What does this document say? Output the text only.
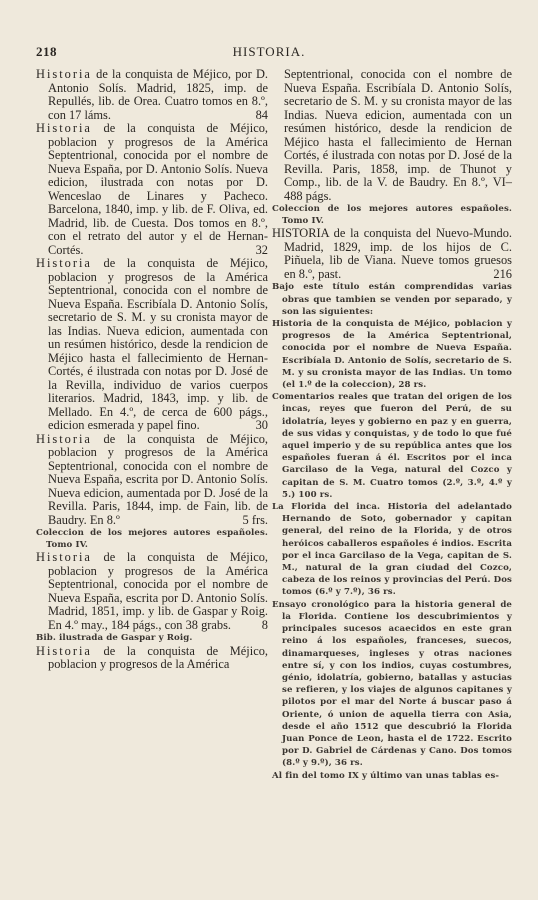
218	HISTORIA.

Historia de la conquista de Méjico, por D. Antonio Solís. Madrid, 1825, imp. de Repullés, lib. de Orea. Cuatro tomos en 8.º, con 17 láms.	84

Historia de la conquista de Méjico, poblacion y progresos de la América Septentrional, conocida por el nombre de Nueva España, por D. Antonio Solís. Nueva edicion, ilustrada con notas por D. Wenceslao de Linares y Pacheco. Barcelona, 1840, imp. y lib. de F. Oliva, ed. Madrid, lib. de Cuesta. Dos tomos en 8.º, con el retrato del autor y el de Hernan-Cortés.	32

Historia de la conquista de Méjico, poblacion y progresos de la América Septentrional, conocida con el nombre de Nueva España. Escribíala D. Antonio Solís, secretario de S. M. y su cronista mayor de las Indias. Nueva edicion, aumentada con un resúmen histórico, desde la rendicion de Méjico hasta el fallecimiento de Hernan-Cortés, é ilustrada con notas por D. José de la Revilla, individuo de varios cuerpos literarios. Madrid, 1843, imp. y lib. de Mellado. En 4.º, de cerca de 600 págs., edicion esmerada y papel fino.	30

Historia de la conquista de Méjico, poblacion y progresos de la América Septentrional, conocida con el nombre de Nueva España, escrita por D. Antonio Solís. Nueva edicion, aumentada por D. José de la Revilla. Paris, 1844, imp. de Fain, lib. de Baudry. En 8.º	5 frs.

Coleccion de los mejores autores españoles. Tomo IV.

Historia de la conquista de Méjico, poblacion y progresos de la América Septentrional, conocida por el nombre de Nueva España, escrita por D. Antonio Solís. Madrid, 1851, imp. y lib. de Gaspar y Roig. En 4.º may., 184 págs., con 38 grabs. 8

Bib. ilustrada de Gaspar y Roig.

Historia de la conquista de Méjico, poblacion y progresos de la América

Septentrional, conocida con el nombre de Nueva España. Escribíala D. Antonio Solís, secretario de S. M. y su cronista mayor de las Indias. Nueva edicion, aumentada con un resúmen histórico, desde la rendicion de Méjico hasta el fallecimiento de Hernan Cortés, é ilustrada con notas por D. José de la Revilla. Paris, 1858, imp. de Thunot y Comp., lib. de la V. de Baudry. En 8.º, VI–488 págs.

Coleccion de los mejores autores españoles. Tomo IV.

HISTORIA de la conquista del Nuevo-Mundo. Madrid, 1829, imp. de los hijos de C. Piñuela, lib de Viana. Nueve tomos gruesos en 8.º, past.	216

Bajo este título están comprendidas varias obras que tambien se venden por separado, y son las siguientes:

Historia de la conquista de Méjico, poblacion y progresos de la América Septentrional, conocida por el nombre de Nueva España. Escribíala D. Antonio de Solís, secretario de S. M. y su cronista mayor de las Indias. Un tomo (el 1.º de la coleccion), 28 rs.

Comentarios reales que tratan del origen de los incas, reyes que fueron del Perú, de su idolatría, leyes y gobierno en paz y en guerra, de sus vidas y conquistas, y de todo lo que fué aquel imperio y de su república antes que los españoles fueran á él. Escritos por el inca Garcilaso de la Vega, natural del Cozco y capitan de S. M. Cuatro tomos (2.º, 3.º, 4.º y 5.) 100 rs.

La Florida del inca. Historia del adelantado Hernando de Soto, gobernador y capitan general, del reino de la Florida, y de otros heróicos caballeros españoles é indios. Escrita por el inca Garcilaso de la Vega, capitan de S. M., natural de la gran ciudad del Cozco, cabeza de los reinos y provincias del Perú. Dos tomos (6.º y 7.º), 36 rs.

Ensayo cronológico para la historia general de la Florida. Contiene los descubrimientos y principales sucesos acaecidos en este gran reino á los españoles, franceses, suecos, dinamarqueses, ingleses y otras naciones entre sí, y con los indios, cuyas costumbres, génio, idolatría, gobierno, batallas y astucias se refieren, y los viajes de algunos capitanes y pilotos por el mar del Norte á buscar paso á Oriente, ó union de aquella tierra con Asia, desde el año 1512 que descubrió la Florida Juan Ponce de Leon, hasta el de 1722. Escrito por D. Gabriel de Cárdenas y Cano. Dos tomos (8.º y 9.º), 36 rs.

Al fin del tomo IX y último van unas tablas es-
